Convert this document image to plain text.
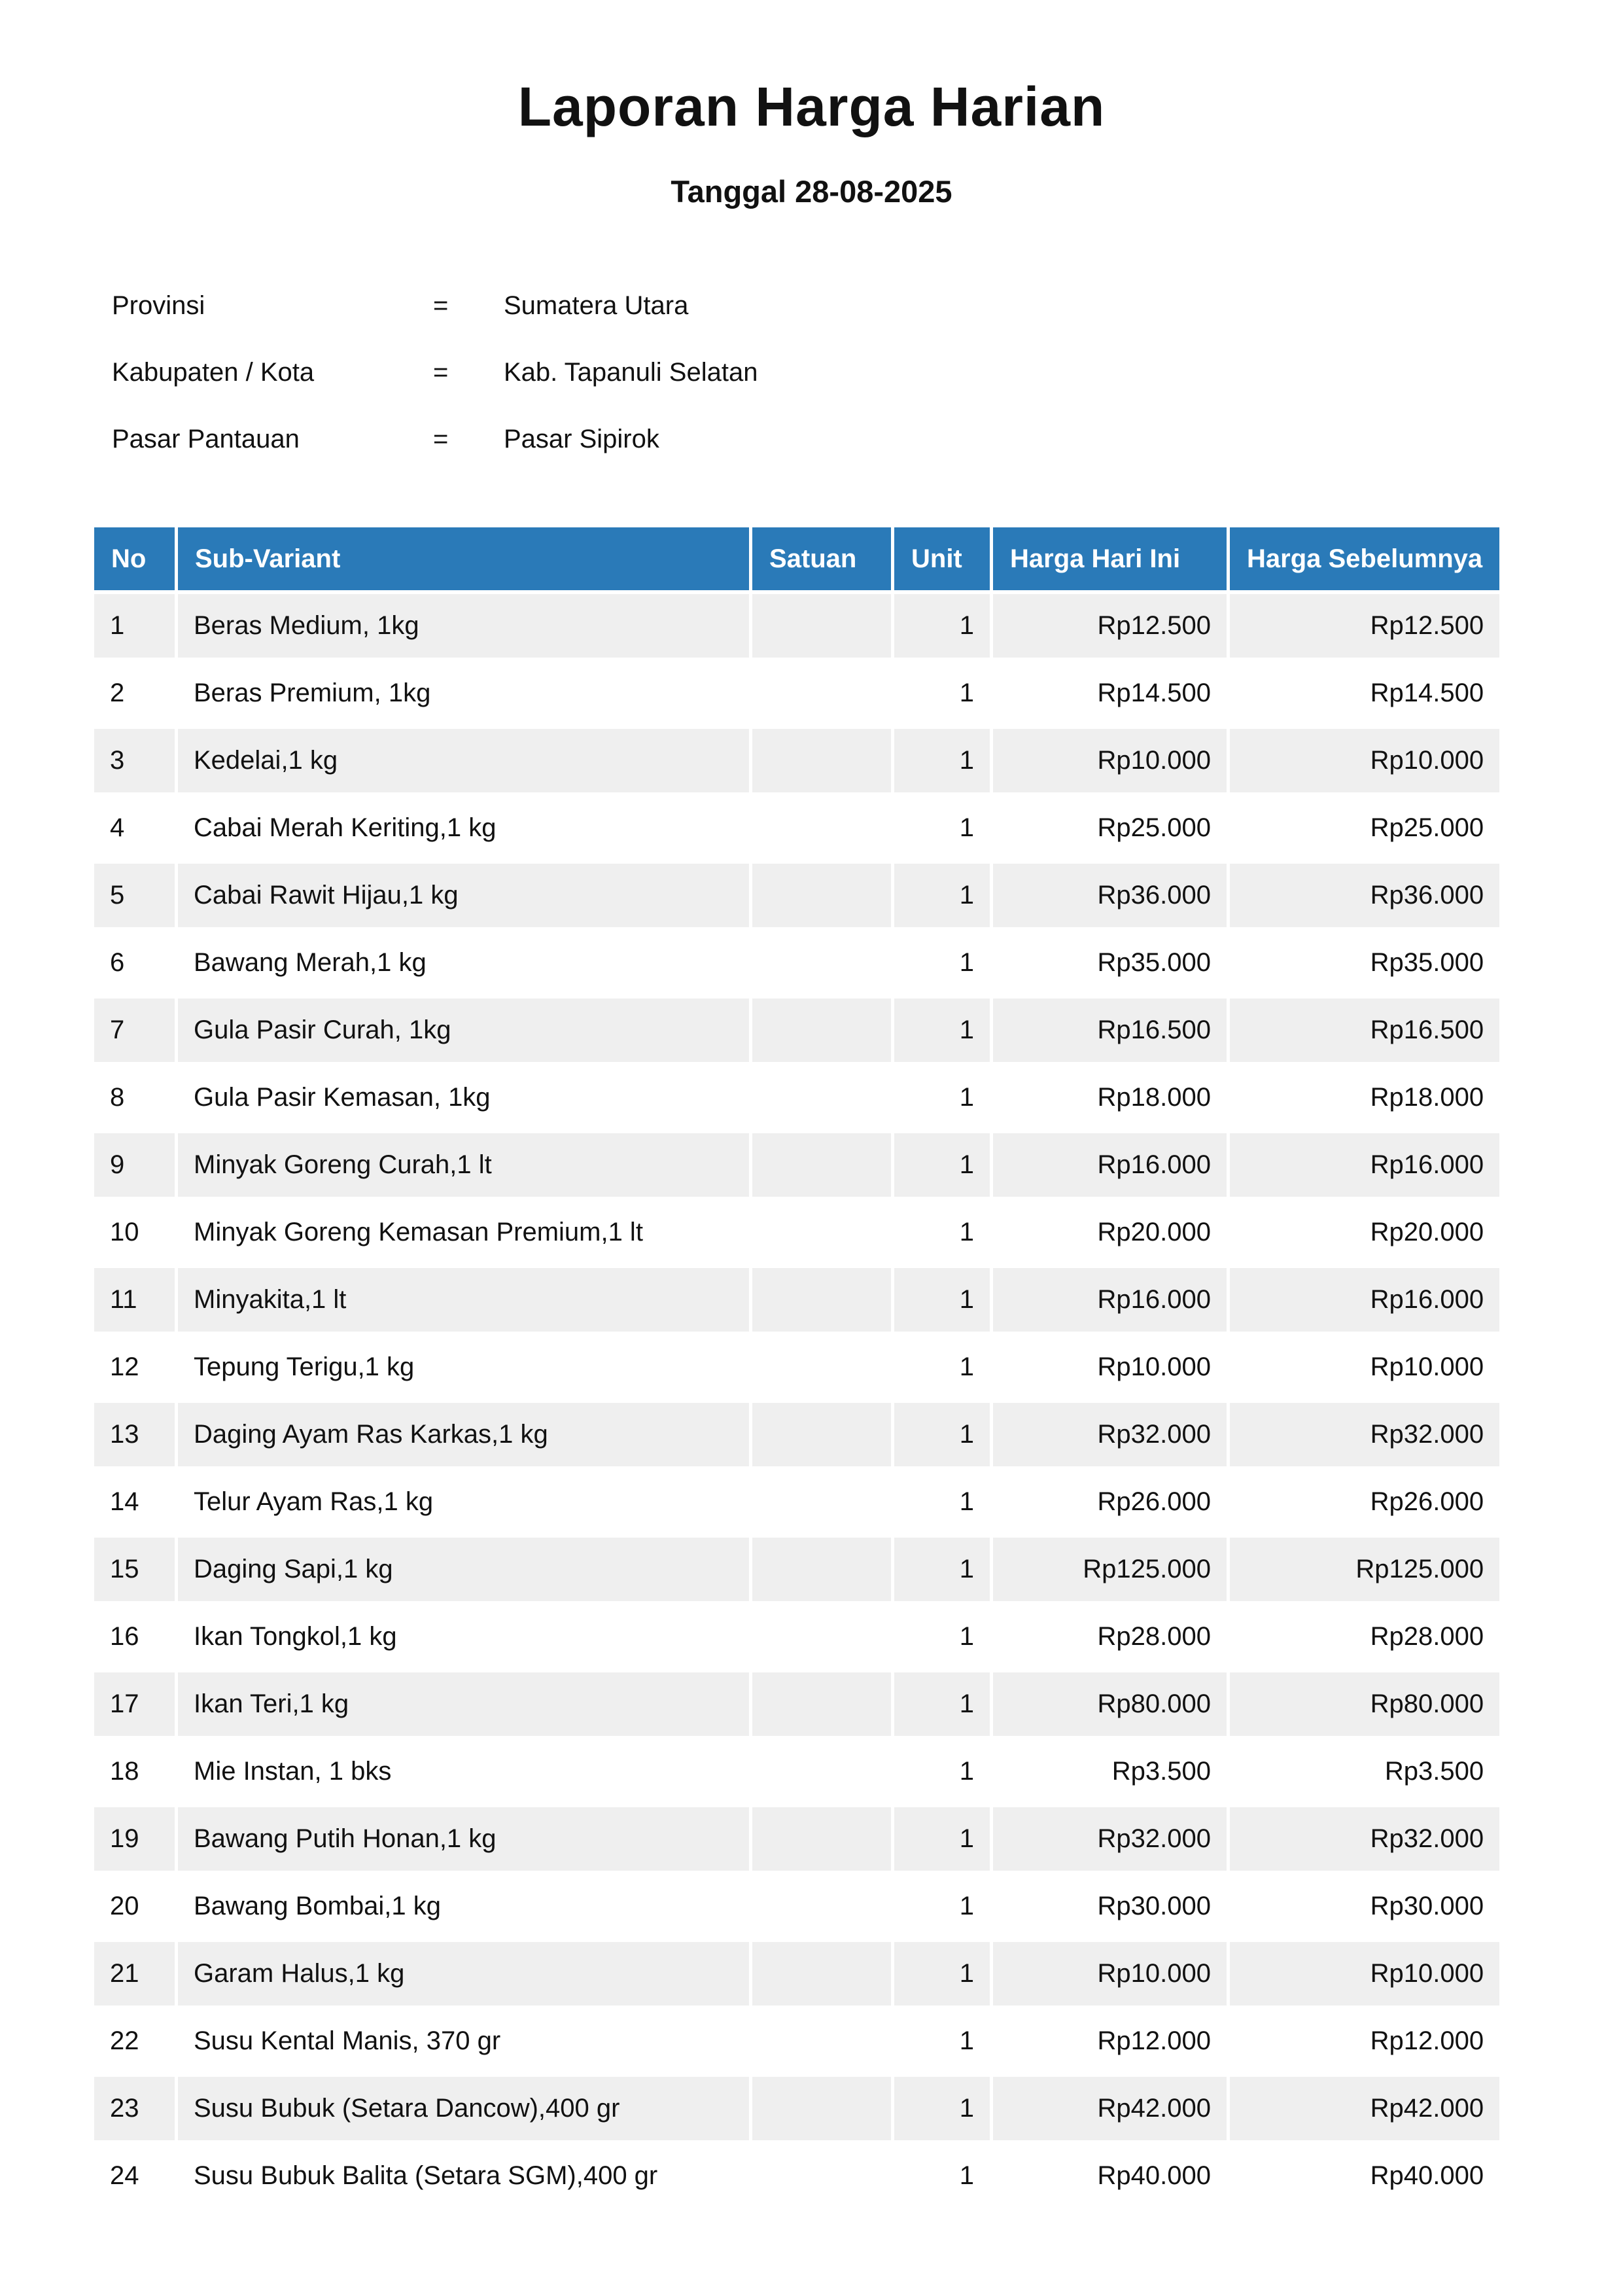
Laporan Harga Harian
Tanggal 28-08-2025
Provinsi	= Sumatera Utara
Kabupaten / Kota	= Kab. Tapanuli Selatan
Pasar Pantauan	= Pasar Sipirok
No	Sub-Variant	Satuan	Unit	Harga Hari Ini	Harga Sebelumnya
1	Beras Medium, 1kg		1	Rp12.500	Rp12.500
2	Beras Premium, 1kg		1	Rp14.500	Rp14.500
3	Kedelai,1 kg		1	Rp10.000	Rp10.000
4	Cabai Merah Keriting,1 kg		1	Rp25.000	Rp25.000
5	Cabai Rawit Hijau,1 kg		1	Rp36.000	Rp36.000
6	Bawang Merah,1 kg		1	Rp35.000	Rp35.000
7	Gula Pasir Curah, 1kg		1	Rp16.500	Rp16.500
8	Gula Pasir Kemasan, 1kg		1	Rp18.000	Rp18.000
9	Minyak Goreng Curah,1 lt		1	Rp16.000	Rp16.000
10	Minyak Goreng Kemasan Premium,1 lt		1	Rp20.000	Rp20.000
11	Minyakita,1 lt		1	Rp16.000	Rp16.000
12	Tepung Terigu,1 kg		1	Rp10.000	Rp10.000
13	Daging Ayam Ras Karkas,1 kg		1	Rp32.000	Rp32.000
14	Telur Ayam Ras,1 kg		1	Rp26.000	Rp26.000
15	Daging Sapi,1 kg		1	Rp125.000	Rp125.000
16	Ikan Tongkol,1 kg		1	Rp28.000	Rp28.000
17	Ikan Teri,1 kg		1	Rp80.000	Rp80.000
18	Mie Instan, 1 bks		1	Rp3.500	Rp3.500
19	Bawang Putih Honan,1 kg		1	Rp32.000	Rp32.000
20	Bawang Bombai,1 kg		1	Rp30.000	Rp30.000
21	Garam Halus,1 kg		1	Rp10.000	Rp10.000
22	Susu Kental Manis, 370 gr		1	Rp12.000	Rp12.000
23	Susu Bubuk (Setara Dancow),400 gr		1	Rp42.000	Rp42.000
24	Susu Bubuk Balita (Setara SGM),400 gr		1	Rp40.000	Rp40.000
